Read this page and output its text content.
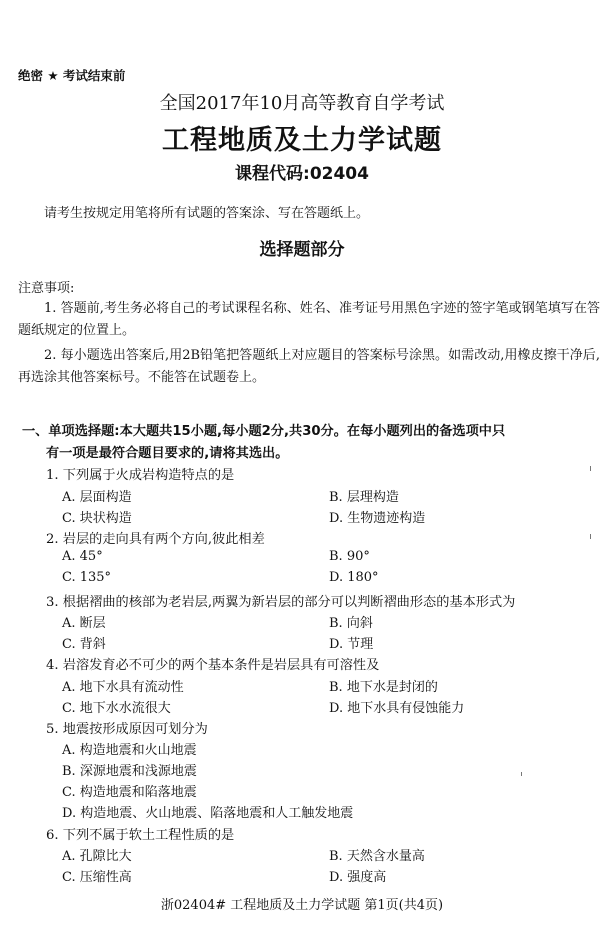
绝密 ★ 考试结束前
全国2017年10月高等教育自学考试
工程地质及土力学试题
课程代码:02404
请考生按规定用笔将所有试题的答案涂、写在答题纸上。
选择题部分
注意事项:
1. 答题前,考生务必将自己的考试课程名称、姓名、准考证号用黑色字迹的签字笔或钢笔填写在答题纸规定的位置上。
2. 每小题选出答案后,用2B铅笔把答题纸上对应题目的答案标号涂黑。如需改动,用橡皮擦干净后,再选涂其他答案标号。不能答在试题卷上。
一、单项选择题:本大题共15小题,每小题2分,共30分。在每小题列出的备选项中只
有一项是最符合题目要求的,请将其选出。
1. 下列属于火成岩构造特点的是
A. 层面构造	B. 层理构造
C. 块状构造	D. 生物遗迹构造
2. 岩层的走向具有两个方向,彼此相差
A. 45°	B. 90°
C. 135°	D. 180°
3. 根据褶曲的核部为老岩层,两翼为新岩层的部分可以判断褶曲形态的基本形式为
A. 断层	B. 向斜
C. 背斜	D. 节理
4. 岩溶发育必不可少的两个基本条件是岩层具有可溶性及
A. 地下水具有流动性	B. 地下水是封闭的
C. 地下水水流很大	D. 地下水具有侵蚀能力
5. 地震按形成原因可划分为
A. 构造地震和火山地震
B. 深源地震和浅源地震
C. 构造地震和陷落地震
D. 构造地震、火山地震、陷落地震和人工触发地震
6. 下列不属于软土工程性质的是
A. 孔隙比大	B. 天然含水量高
C. 压缩性高	D. 强度高
浙02404# 工程地质及土力学试题 第1页(共4页)
